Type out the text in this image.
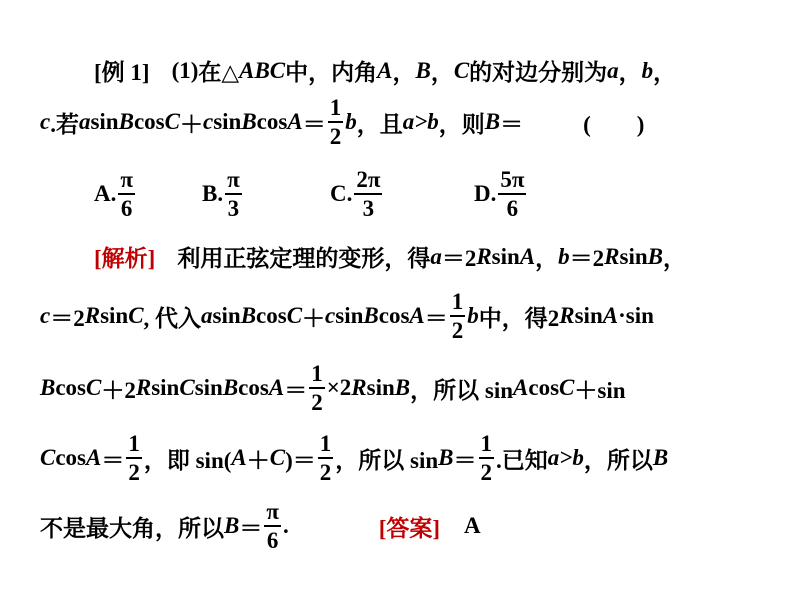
[例 1] (1) 在△ ABC 中，内角 A ， B ， C 的对边分别为 a ， b ，
c .若 a sin B cos C ＋ c sin B $\cos A = \frac{1}{2}$ b ，且 a>b ，则 B ＝	(　　)
A. $\frac{\pi}{6}$	B. $\frac{\pi}{3}$	C. $\frac{2\pi}{3}$	D. $\frac{5\pi}{6}$
[解析] 利用正弦定理的变形，得 a ＝2 R sin A ， b ＝2 R sin B ，
c ＝2 R sin C , 代入 a sin B cos C ＋ c sin B $\cos A = \frac{1}{2}$ b 中，得2 R sin A ·sin
B cos C ＋2 R sin C sin B $\cos A = \frac{1}{2} \times 2$ R sin B ，所以 sin A cos C ＋sin
C $\cos A = \frac{1}{2}$ ，即 sin( A ＋ C )＝ $\frac{1}{2}$ ，所以 $\sin B = \frac{1}{2}$ .已知 a>b ，所以 B
不是最大角，所以 $B = \frac{\pi}{6}$ .	[答案] A
